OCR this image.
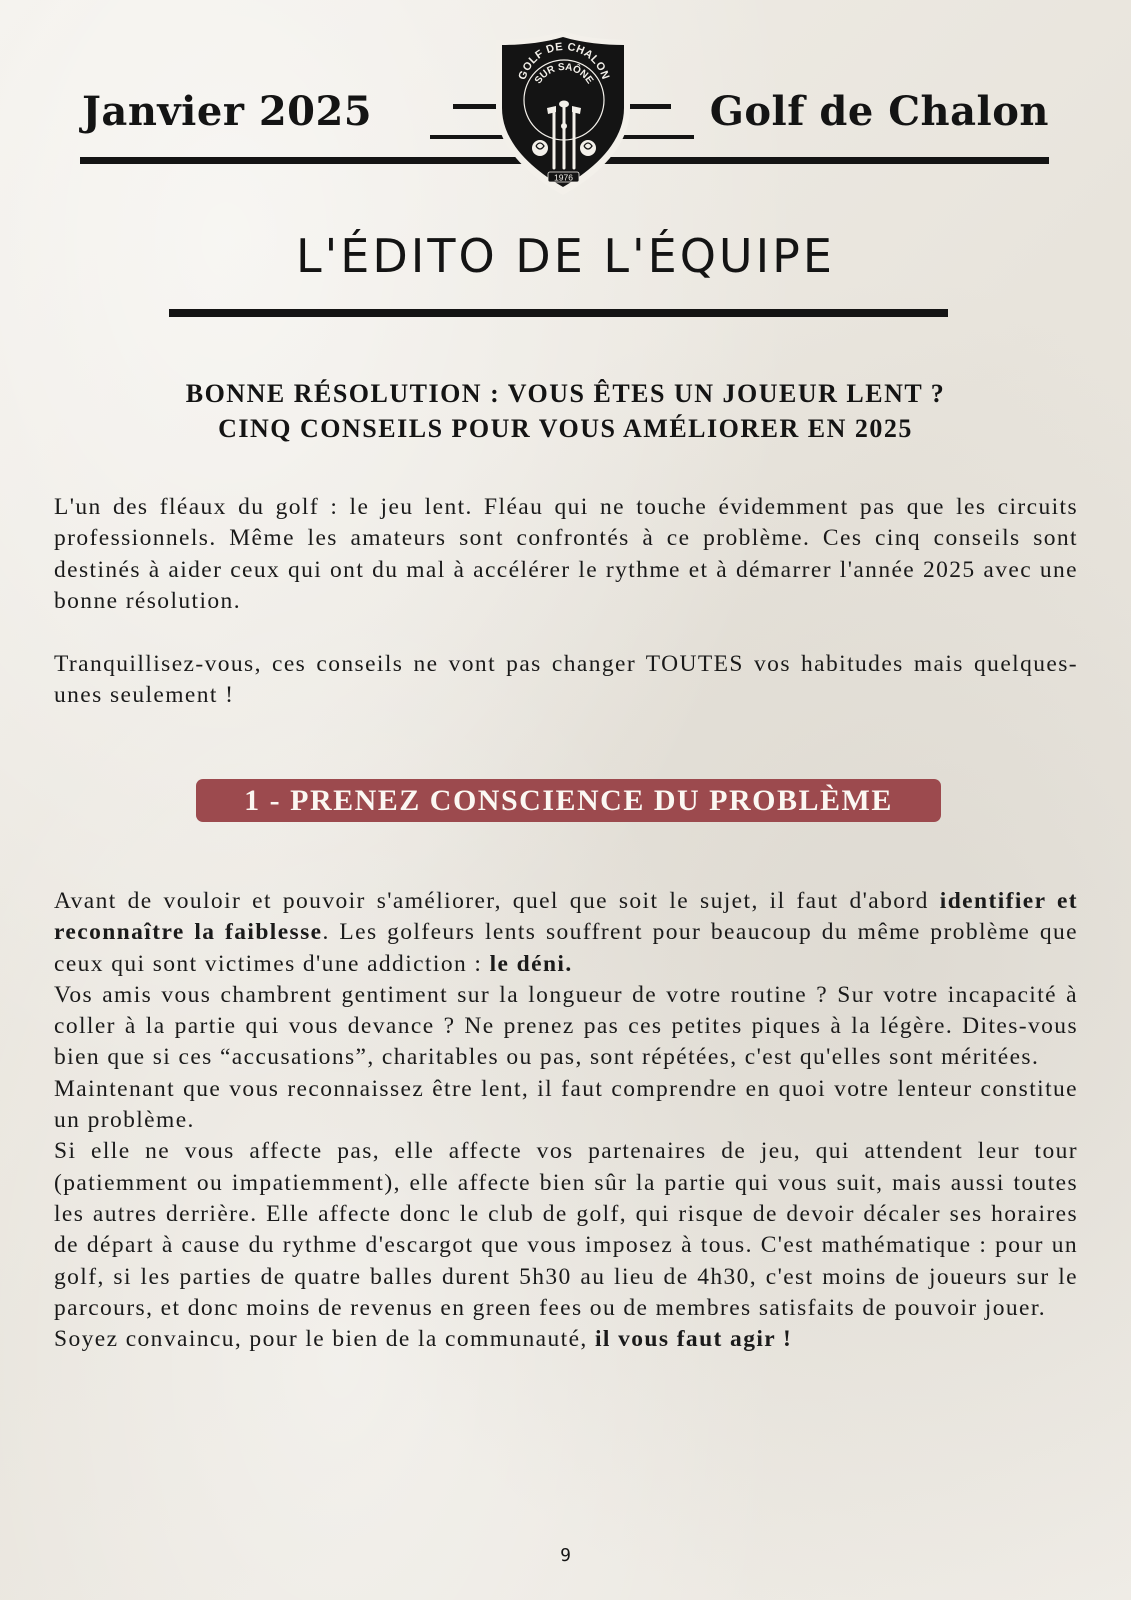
Janvier 2025	Golf de Chalon
GOLF DE CHALON
SUR SAÔNE
1976
L'ÉDITO DE L'ÉQUIPE
BONNE RÉSOLUTION : VOUS ÊTES UN JOUEUR LENT ?
CINQ CONSEILS POUR VOUS AMÉLIORER EN 2025

L'un des fléaux du golf : le jeu lent. Fléau qui ne touche évidemment pas que les circuits professionnels. Même les amateurs sont confrontés à ce problème. Ces cinq conseils sont destinés à aider ceux qui ont du mal à accélérer le rythme et à démarrer l'année 2025 avec une bonne résolution.

Tranquillisez-vous, ces conseils ne vont pas changer TOUTES vos habitudes mais quelques-unes seulement !

1 - PRENEZ CONSCIENCE DU PROBLÈME

Avant de vouloir et pouvoir s'améliorer, quel que soit le sujet, il faut d'abord identifier et reconnaître la faiblesse. Les golfeurs lents souffrent pour beaucoup du même problème que ceux qui sont victimes d'une addiction : le déni.

Vos amis vous chambrent gentiment sur la longueur de votre routine ? Sur votre incapacité à coller à la partie qui vous devance ? Ne prenez pas ces petites piques à la légère. Dites-vous bien que si ces “accusations”, charitables ou pas, sont répétées, c'est qu'elles sont méritées.

Maintenant que vous reconnaissez être lent, il faut comprendre en quoi votre lenteur constitue un problème.

Si elle ne vous affecte pas, elle affecte vos partenaires de jeu, qui attendent leur tour (patiemment ou impatiemment), elle affecte bien sûr la partie qui vous suit, mais aussi toutes les autres derrière. Elle affecte donc le club de golf, qui risque de devoir décaler ses horaires de départ à cause du rythme d'escargot que vous imposez à tous. C'est mathématique : pour un golf, si les parties de quatre balles durent 5h30 au lieu de 4h30, c'est moins de joueurs sur le parcours, et donc moins de revenus en green fees ou de membres satisfaits de pouvoir jouer.

Soyez convaincu, pour le bien de la communauté, il vous faut agir !

9
